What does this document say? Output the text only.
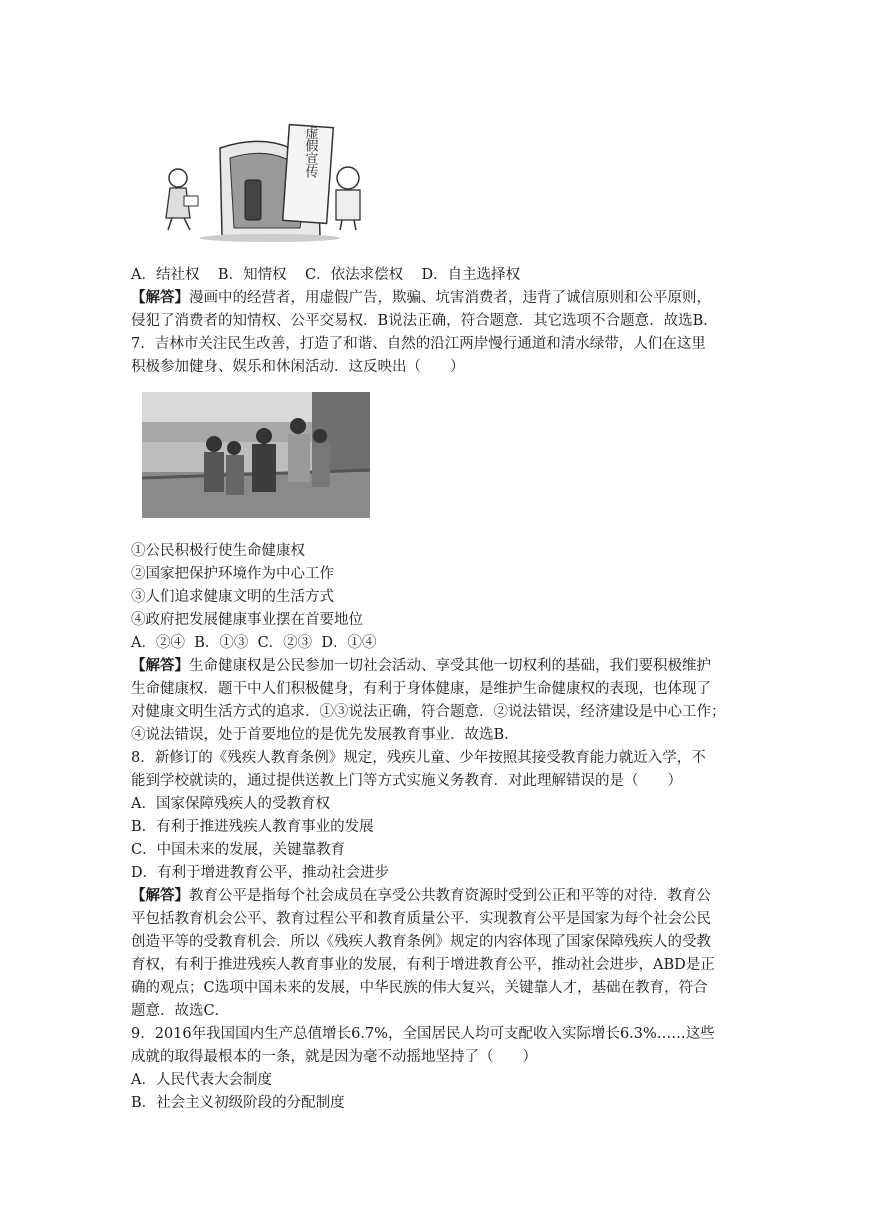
虚假宣传
A．结社权    B．知情权    C．依法求偿权    D．自主选择权
【解答】漫画中的经营者，用虚假广告，欺骗、坑害消费者，违背了诚信原则和公平原则，
侵犯了消费者的知情权、公平交易权．B说法正确，符合题意．其它选项不合题意．故选B．
7．吉林市关注民生改善，打造了和谐、自然的沿江两岸慢行通道和清水绿带，人们在这里
积极参加健身、娱乐和休闲活动．这反映出（　　）
①公民积极行使生命健康权
②国家把保护环境作为中心工作
③人们追求健康文明的生活方式
④政府把发展健康事业摆在首要地位
A．②④  B．①③  C．②③  D．①④
【解答】生命健康权是公民参加一切社会活动、享受其他一切权利的基础，我们要积极维护
生命健康权．题干中人们积极健身，有利于身体健康，是维护生命健康权的表现，也体现了
对健康文明生活方式的追求．①③说法正确，符合题意．②说法错误，经济建设是中心工作；
④说法错误，处于首要地位的是优先发展教育事业．故选B．
8．新修订的《残疾人教育条例》规定，残疾儿童、少年按照其接受教育能力就近入学，不
能到学校就读的，通过提供送教上门等方式实施义务教育．对此理解错误的是（　　）
A．国家保障残疾人的受教育权
B．有利于推进残疾人教育事业的发展
C．中国未来的发展，关键靠教育
D．有利于增进教育公平，推动社会进步
【解答】教育公平是指每个社会成员在享受公共教育资源时受到公正和平等的对待．教育公
平包括教育机会公平、教育过程公平和教育质量公平．实现教育公平是国家为每个社会公民
创造平等的受教育机会．所以《残疾人教育条例》规定的内容体现了国家保障残疾人的受教
育权，有利于推进残疾人教育事业的发展，有利于增进教育公平，推动社会进步，ABD是正
确的观点；C选项中国未来的发展，中华民族的伟大复兴，关键靠人才，基础在教育，符合
题意．故选C．
9．2016年我国国内生产总值增长6.7%，全国居民人均可支配收入实际增长6.3%……这些
成就的取得最根本的一条，就是因为毫不动摇地坚持了（　　）
A．人民代表大会制度
B．社会主义初级阶段的分配制度
